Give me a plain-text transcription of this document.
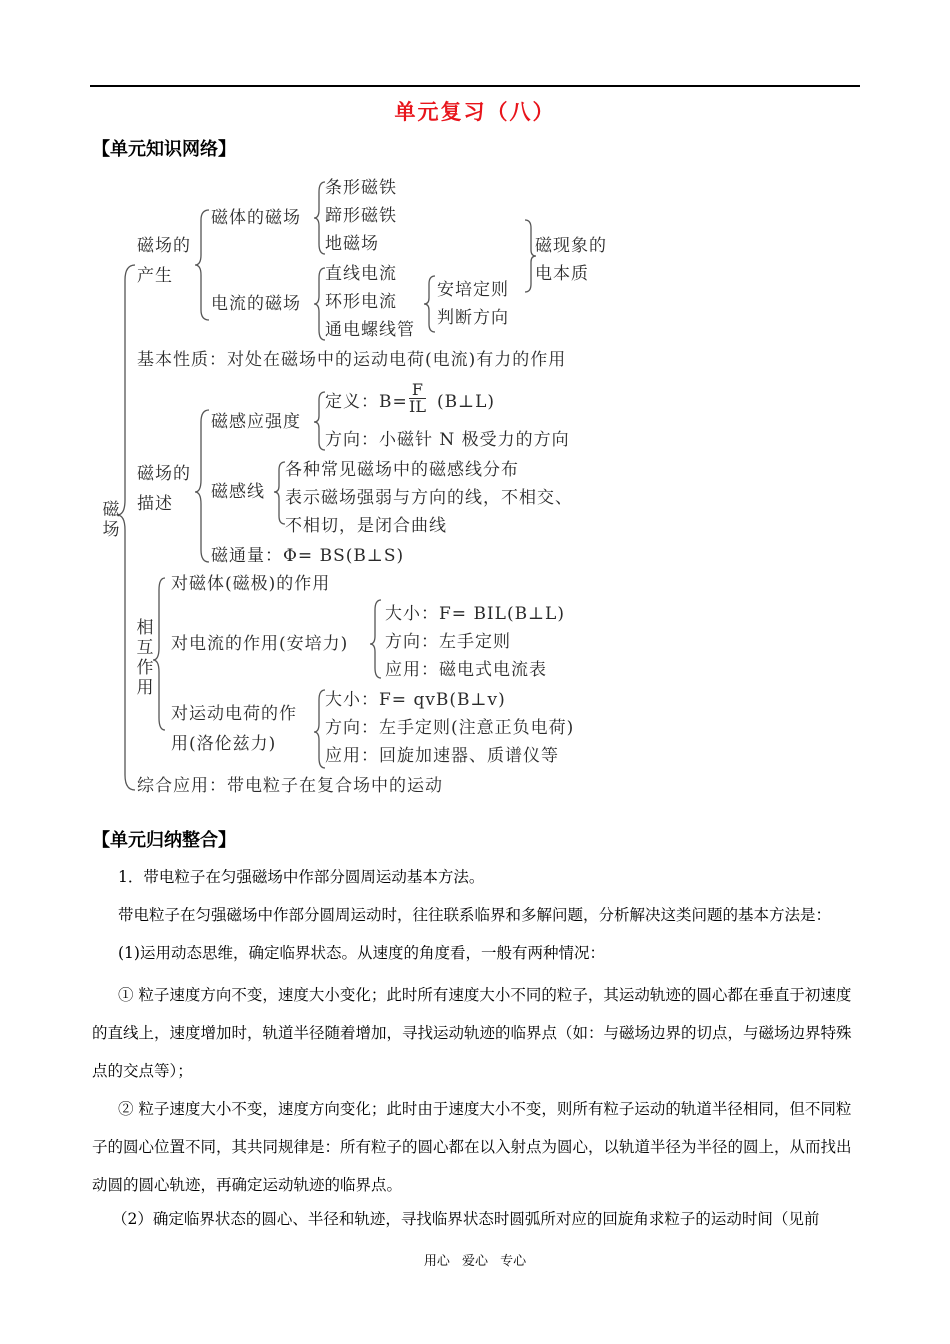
单元复习（八）
【单元知识网络】
磁场
磁场的
产生
磁体的磁场
条形磁铁
蹄形磁铁
地磁场
电流的磁场
直线电流
环形电流
通电螺线管
安培定则
判断方向
磁现象的
电本质
基本性质：对处在磁场中的运动电荷(电流)有力的作用
磁场的
描述
磁感应强度
定义：$B= \frac{F}{IL}$ (B⊥L)
方向：小磁针 N 极受力的方向
磁感线
各种常见磁场中的磁感线分布
表示磁场强弱与方向的线，不相交、
不相切，是闭合曲线
磁通量：Φ= BS(B⊥S)
相
互
作
用
对磁体(磁极)的作用
对电流的作用(安培力)
大小：F= BIL(B⊥L)
方向：左手定则
应用：磁电式电流表
对运动电荷的作
用(洛伦兹力)
大小：F= qvB(B⊥v)
方向：左手定则(注意正负电荷)
应用：回旋加速器、质谱仪等
综合应用：带电粒子在复合场中的运动
【单元归纳整合】
1．带电粒子在匀强磁场中作部分圆周运动基本方法。
带电粒子在匀强磁场中作部分圆周运动时，往往联系临界和多解问题，分析解决这类问题的基本方法是：
(1)运用动态思维，确定临界状态。从速度的角度看，一般有两种情况：
① 粒子速度方向不变，速度大小变化；此时所有速度大小不同的粒子，其运动轨迹的圆心都在垂直于初速度的直线上，速度增加时，轨道半径随着增加，寻找运动轨迹的临界点（如：与磁场边界的切点，与磁场边界特殊点的交点等）；
② 粒子速度大小不变，速度方向变化；此时由于速度大小不变，则所有粒子运动的轨道半径相同，但不同粒子的圆心位置不同，其共同规律是：所有粒子的圆心都在以入射点为圆心，以轨道半径为半径的圆上，从而找出动圆的圆心轨迹，再确定运动轨迹的临界点。
（2）确定临界状态的圆心、半径和轨迹，寻找临界状态时圆弧所对应的回旋角求粒子的运动时间（见前
用心 爱心 专心
